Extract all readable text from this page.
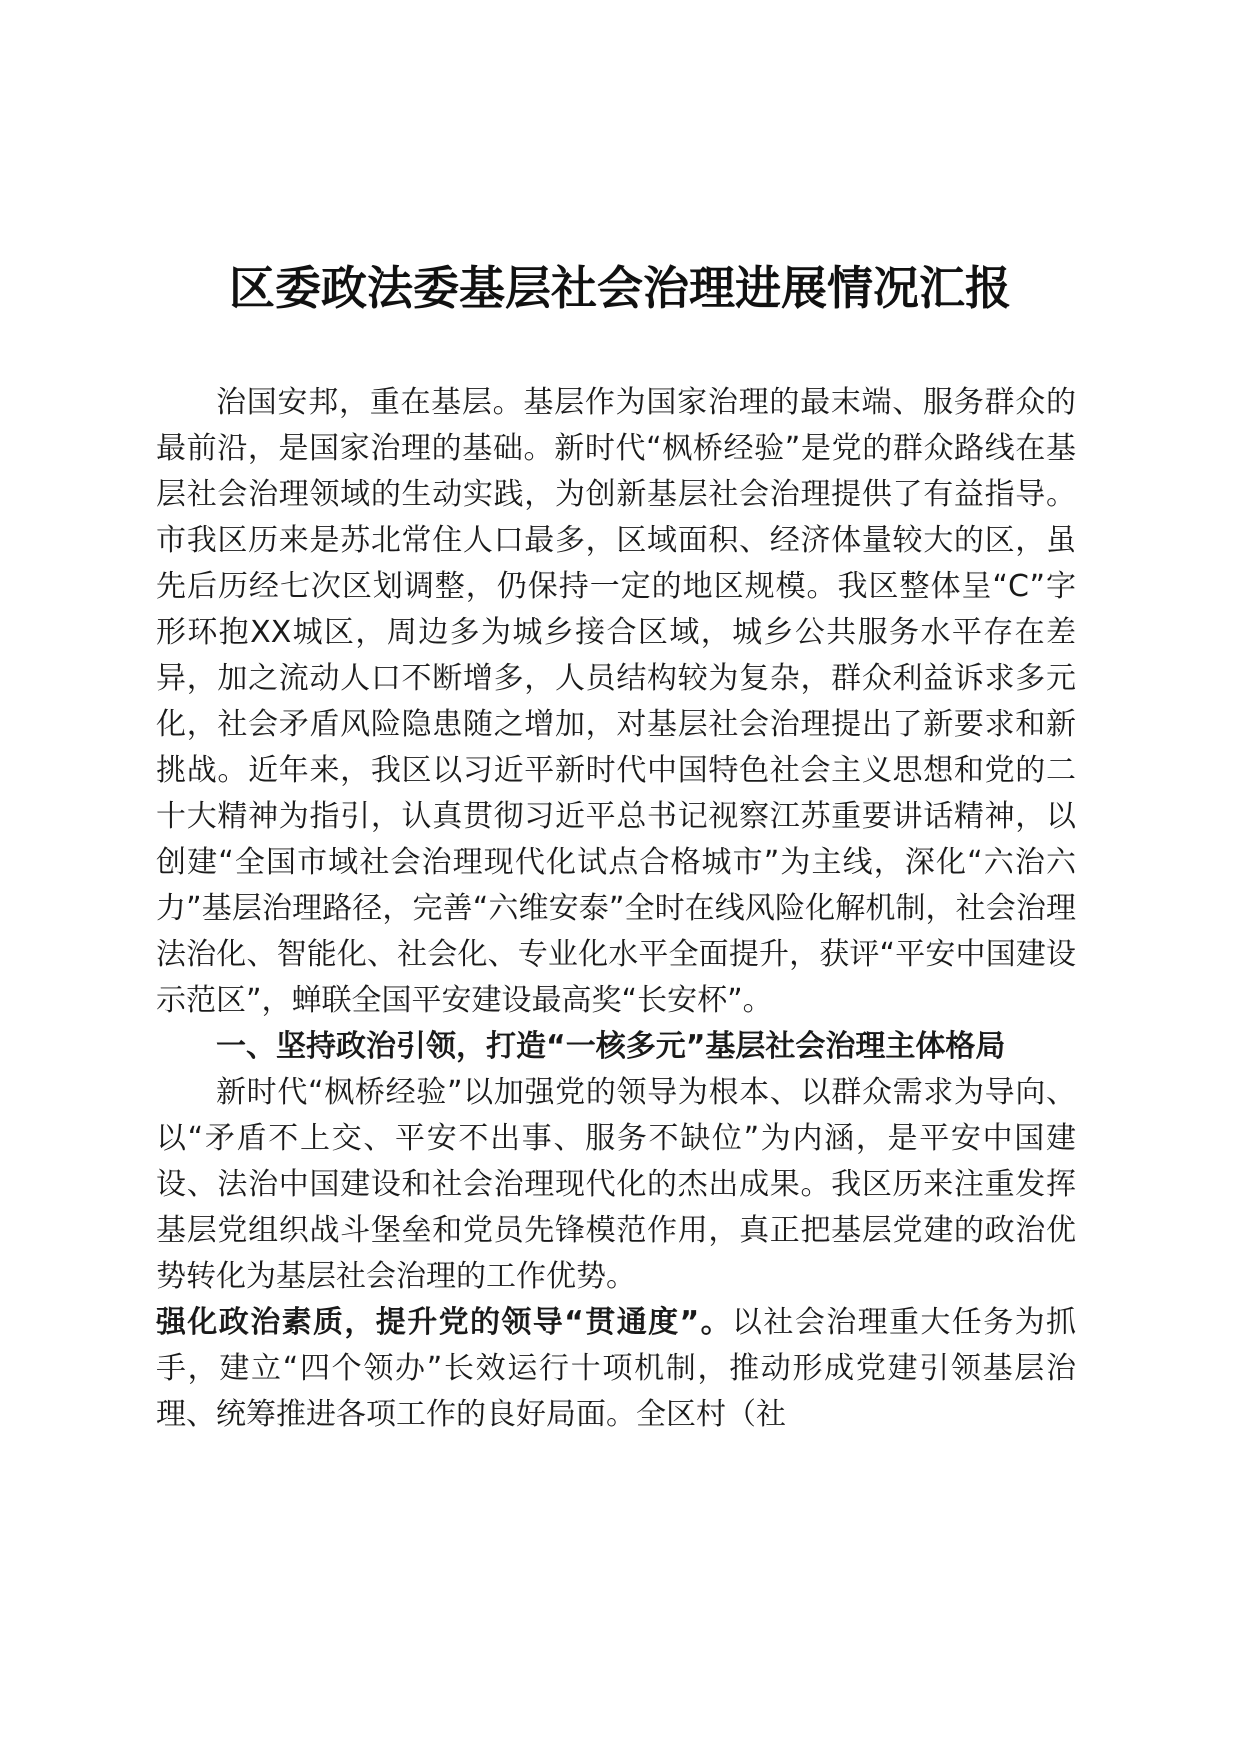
区委政法委基层社会治理进展情况汇报

治国安邦，重在基层。基层作为国家治理的最末端、服务群众的最前沿，是国家治理的基础。新时代“枫桥经验”是党的群众路线在基层社会治理领域的生动实践，为创新基层社会治理提供了有益指导。市我区历来是苏北常住人口最多，区域面积、经济体量较大的区，虽先后历经七次区划调整，仍保持一定的地区规模。我区整体呈“C”字形环抱XX城区，周边多为城乡接合区域，城乡公共服务水平存在差异，加之流动人口不断增多，人员结构较为复杂，群众利益诉求多元化，社会矛盾风险隐患随之增加，对基层社会治理提出了新要求和新挑战。近年来，我区以习近平新时代中国特色社会主义思想和党的二十大精神为指引，认真贯彻习近平总书记视察江苏重要讲话精神，以创建“全国市域社会治理现代化试点合格城市”为主线，深化“六治六力”基层治理路径，完善“六维安泰”全时在线风险化解机制，社会治理法治化、智能化、社会化、专业化水平全面提升，获评“平安中国建设示范区”，蝉联全国平安建设最高奖“长安杯”。

一、坚持政治引领，打造“一核多元”基层社会治理主体格局

新时代“枫桥经验”以加强党的领导为根本、以群众需求为导向、以“矛盾不上交、平安不出事、服务不缺位”为内涵，是平安中国建设、法治中国建设和社会治理现代化的杰出成果。我区历来注重发挥基层党组织战斗堡垒和党员先锋模范作用，真正把基层党建的政治优势转化为基层社会治理的工作优势。

强化政治素质，提升党的领导“贯通度”。以社会治理重大任务为抓手，建立“四个领办”长效运行十项机制，推动形成党建引领基层治理、统筹推进各项工作的良好局面。全区村（社
